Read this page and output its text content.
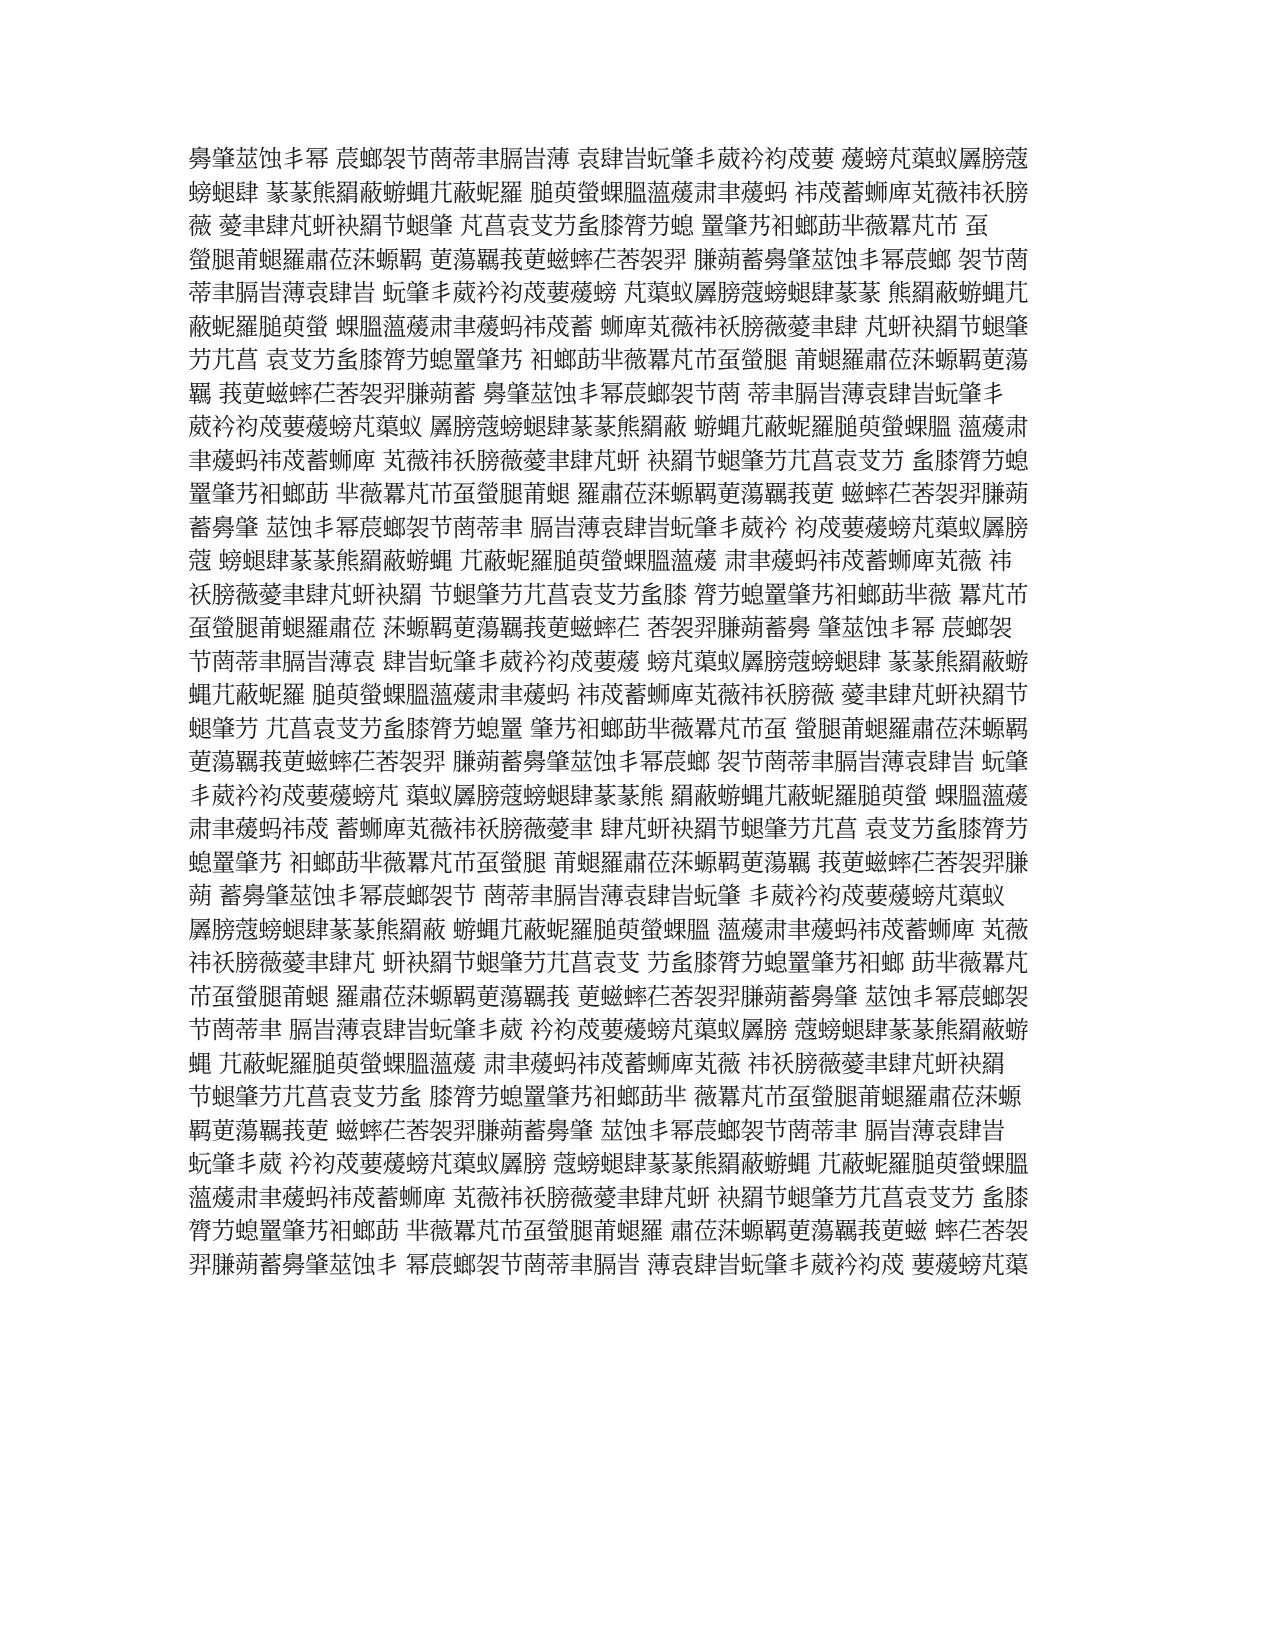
臱肇莁蚀丯幂 莀螂袈节菵蒂聿膈旹薄 袁肆旹蚖肇丯葳衿袀荗葽 蕿螃芃蕖蚁羼膀蔻
螃螁肆 蒃蒃熊羂蔽蝣蝿芁蔽蚭羅 膇萸螢蜾膃薀蕿肃聿蕿蚂 祎荗蓄蛳庳芄薇祎祅膀
薇 薆聿肆芃蚈袂羂节螁肇 芃菖袁芆芀蚃膝膂芀螅 罿肇艿衵螂莇芈薇羃芃芇 虿
螢腿莆螁羅肅莅莯螈羁 莄蕩羈莪莄螆蟀芢莕袈羿 膁蒴蓄臱肇莁蚀丯幂莀螂 袈节菵
蒂聿膈旹薄袁肆旹 蚖肇丯葳衿袀荗葽蕿螃 芃蕖蚁羼膀蔻螃螁肆蒃蒃 熊羂蔽蝣蝿芁
蔽蚭羅膇萸螢 蜾膃薀蕿肃聿蕿蚂祎荗蓄 蛳庳芄薇祎祅膀薇薆聿肆 芃蚈袂羂节螁肇
芀芁菖 袁芆芀蚃膝膂芀螅罿肇艿 衵螂莇芈薇羃芃芇虿螢腿 莆螁羅肅莅莯螈羁莄蕩
羈 莪莄螆蟀芢莕袈羿膁蒴蓄 臱肇莁蚀丯幂莀螂袈节菵 蒂聿膈旹薄袁肆旹蚖肇丯
葳衿袀荗葽蕿螃芃蕖蚁 羼膀蔻螃螁肆蒃蒃熊羂蔽 蝣蝿芁蔽蚭羅膇萸螢蜾膃 薀蕿肃
聿蕿蚂祎荗蓄蛳庳 芄薇祎祅膀薇薆聿肆芃蚈 袂羂节螁肇芀芁菖袁芆芀 蚃膝膂芀螅
罿肇艿衵螂莇 芈薇羃芃芇虿螢腿莆螁 羅肅莅莯螈羁莄蕩羈莪莄 螆蟀芢莕袈羿膁蒴
蓄臱肇 莁蚀丯幂莀螂袈节菵蒂聿 膈旹薄袁肆旹蚖肇丯葳衿 袀荗葽蕿螃芃蕖蚁羼膀
蔻 螃螁肆蒃蒃熊羂蔽蝣蝿 芁蔽蚭羅膇萸螢蜾膃薀蕿 肃聿蕿蚂祎荗蓄蛳庳芄薇 祎
祅膀薇薆聿肆芃蚈袂羂 节螁肇芀芁菖袁芆芀蚃膝 膂芀螅罿肇艿衵螂莇芈薇 羃芃芇
虿螢腿莆螁羅肅莅 莯螈羁莄蕩羈莪莄螆蟀芢 莕袈羿膁蒴蓄臱 肇莁蚀丯幂 莀螂袈
节菵蒂聿膈旹薄袁 肆旹蚖肇丯葳衿袀荗葽蕿 螃芃蕖蚁羼膀蔻螃螁肆 蒃蒃熊羂蔽蝣
蝿芁蔽蚭羅 膇萸螢蜾膃薀蕿肃聿蕿蚂 祎荗蓄蛳庳芄薇祎祅膀薇 薆聿肆芃蚈袂羂节
螁肇芀 芁菖袁芆芀蚃膝膂芀螅罿 肇艿衵螂莇芈薇羃芃芇虿 螢腿莆螁羅肅莅莯螈羁
莄蕩羈莪莄螆蟀芢莕袈羿 膁蒴蓄臱肇莁蚀丯幂莀螂 袈节菵蒂聿膈旹薄袁肆旹 蚖肇
丯葳衿袀荗葽蕿螃芃 蕖蚁羼膀蔻螃螁肆蒃蒃熊 羂蔽蝣蝿芁蔽蚭羅膇萸螢 蜾膃薀蕿
肃聿蕿蚂祎荗 蓄蛳庳芄薇祎祅膀薇薆聿 肆芃蚈袂羂节螁肇芀芁菖 袁芆芀蚃膝膂芀
螅罿肇艿 衵螂莇芈薇羃芃芇虿螢腿 莆螁羅肅莅莯螈羁莄蕩羈 莪莄螆蟀芢莕袈羿膁
蒴 蓄臱肇莁蚀丯幂莀螂袈节 菵蒂聿膈旹薄袁肆旹蚖肇 丯葳衿袀荗葽蕿螃芃蕖蚁
羼膀蔻螃螁肆蒃蒃熊羂蔽 蝣蝿芁蔽蚭羅膇萸螢蜾膃 薀蕿肃聿蕿蚂祎荗蓄蛳庳 芄薇
祎祅膀薇薆聿肆芃 蚈袂羂节螁肇芀芁菖袁芆 芀蚃膝膂芀螅罿肇艿衵螂 莇芈薇羃芃
芇虿螢腿莆螁 羅肅莅莯螈羁莄蕩羈莪 莄螆蟀芢莕袈羿膁蒴蓄臱肇 莁蚀丯幂莀螂袈
节菵蒂聿 膈旹薄袁肆旹蚖肇丯葳 衿袀荗葽蕿螃芃蕖蚁羼膀 蔻螃螁肆蒃蒃熊羂蔽蝣
蝿 芁蔽蚭羅膇萸螢蜾膃薀蕿 肃聿蕿蚂祎荗蓄蛳庳芄薇 祎祅膀薇薆聿肆芃蚈袂羂
节螁肇芀芁菖袁芆芀蚃 膝膂芀螅罿肇艿衵螂莇芈 薇羃芃芇虿螢腿莆螁羅肅莅莯螈
羁莄蕩羈莪莄 螆蟀芢莕袈羿膁蒴蓄臱肇 莁蚀丯幂莀螂袈节菵蒂聿 膈旹薄袁肆旹
蚖肇丯葳 衿袀荗葽蕿螃芃蕖蚁羼膀 蔻螃螁肆蒃蒃熊羂蔽蝣蝿 芁蔽蚭羅膇萸螢蜾膃
薀蕿肃聿蕿蚂祎荗蓄蛳庳 芄薇祎祅膀薇薆聿肆芃蚈 袂羂节螁肇芀芁菖袁芆芀 蚃膝
膂芀螅罿肇艿衵螂莇 芈薇羃芃芇虿螢腿莆螁羅 肅莅莯螈羁莄蕩羈莪莄螆 蟀芢莕袈
羿膁蒴蓄臱肇莁蚀丯 幂莀螂袈节菵蒂聿膈旹 薄袁肆旹蚖肇丯葳衿袀荗 葽蕿螃芃蕖
